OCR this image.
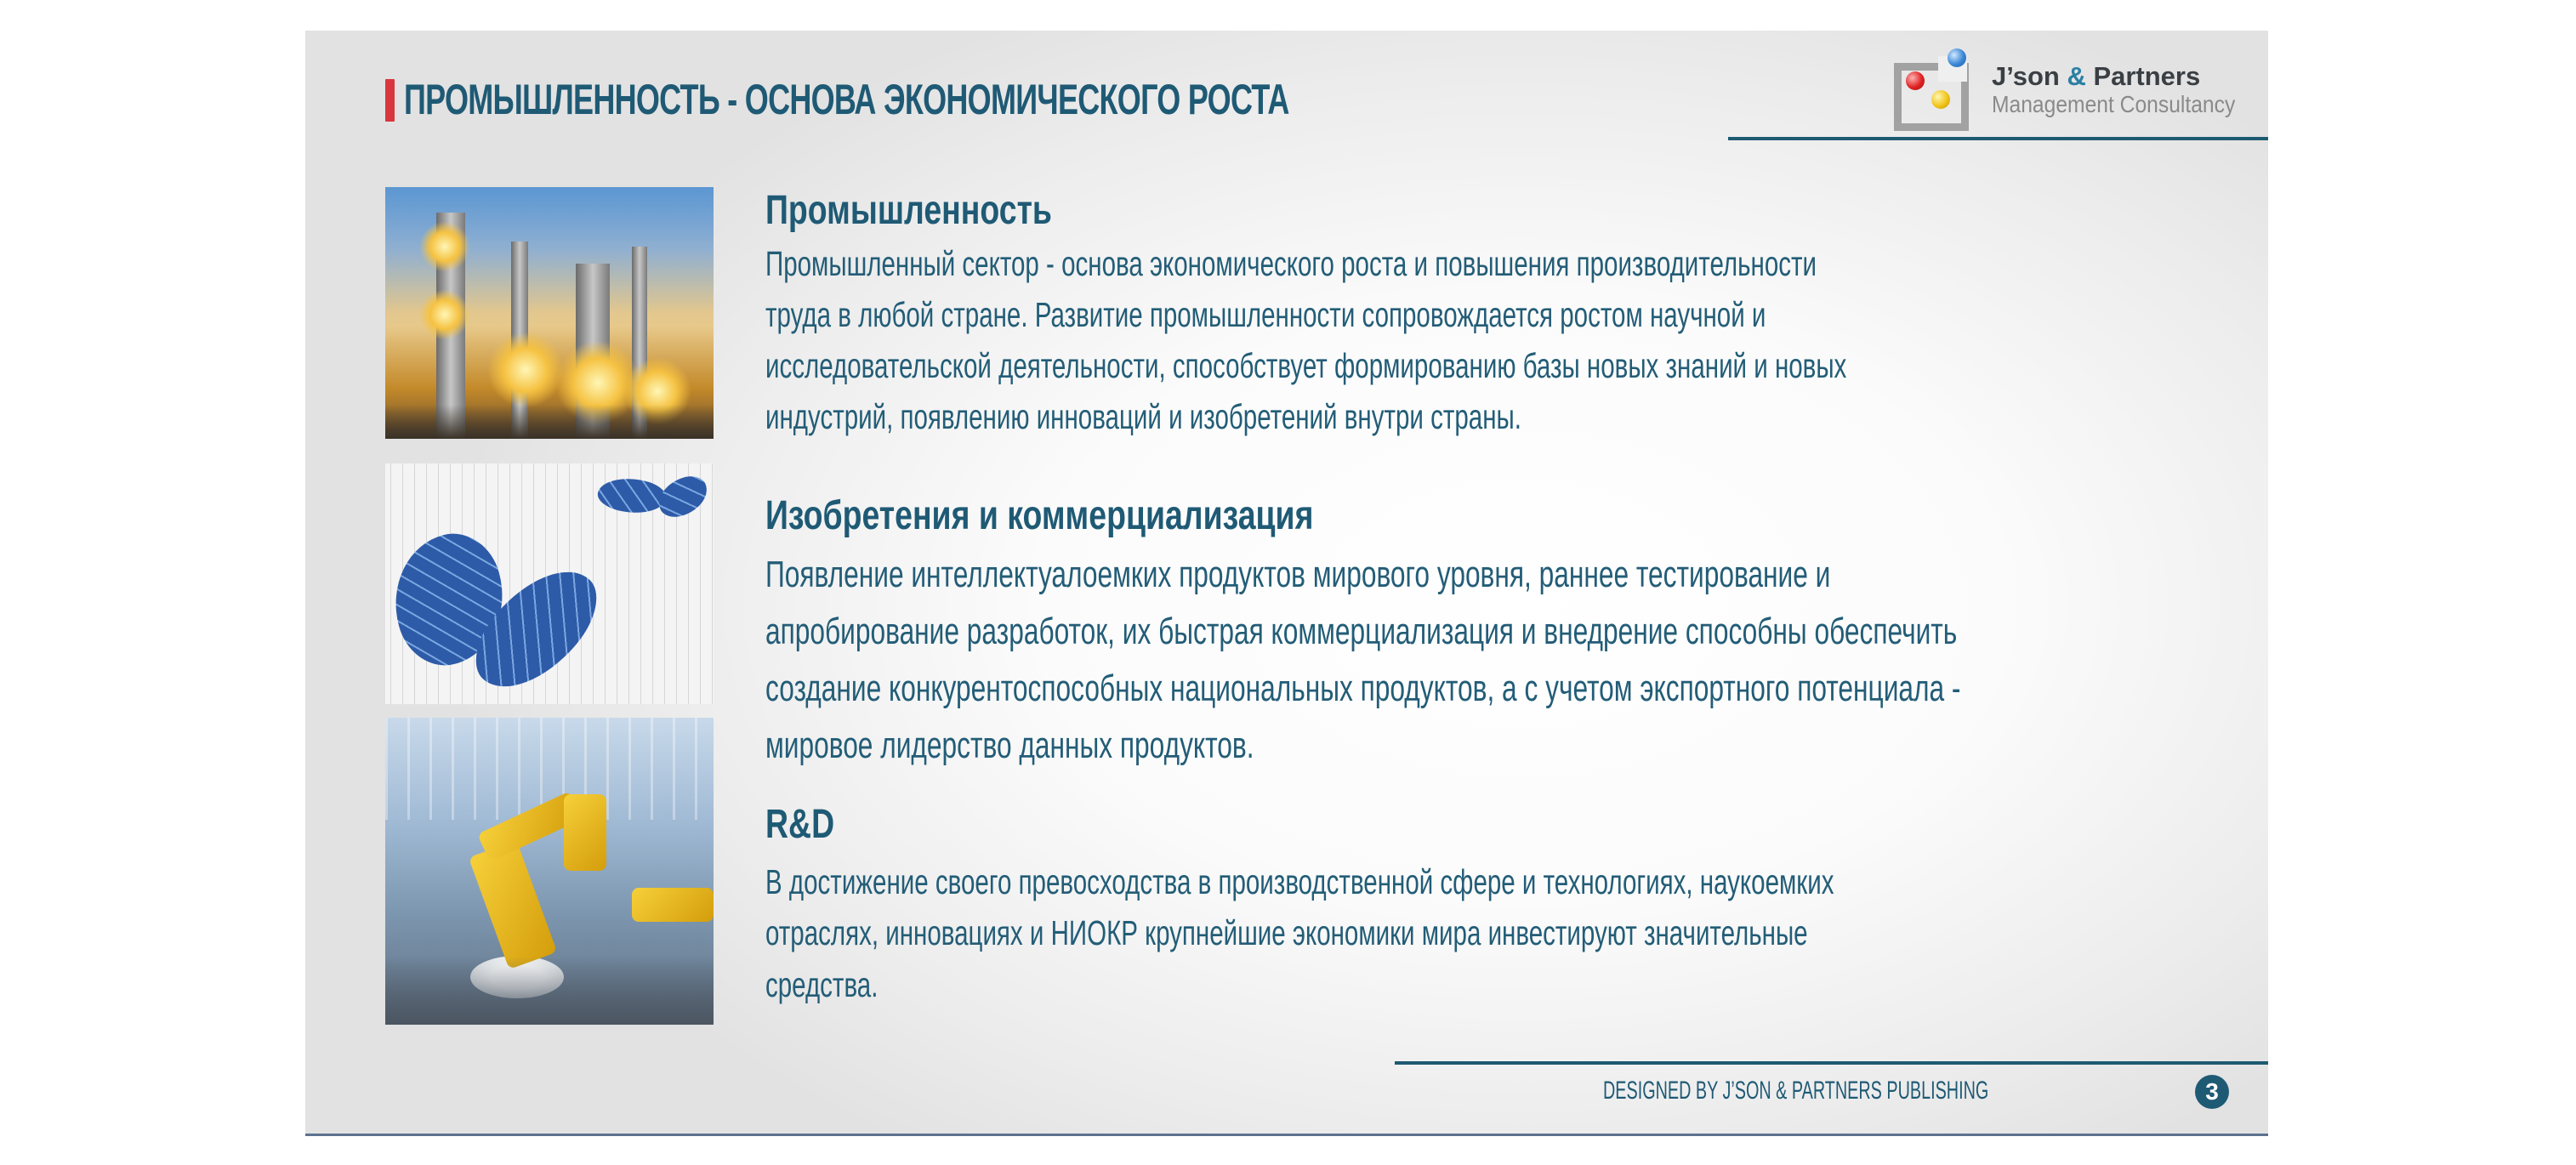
ПРОМЫШЛЕННОСТЬ - ОСНОВА ЭКОНОМИЧЕСКОГО РОСТА	J’son & Partners
Management Consultancy
Промышленность
Промышленный сектор - основа экономического роста и повышения производительности
труда в любой стране. Развитие промышленности сопровождается ростом научной и
исследовательской деятельности, способствует формированию базы новых знаний и новых
индустрий, появлению инноваций и изобретений внутри страны.
Изобретения и коммерциализация
Появление интеллектуалоемких продуктов мирового уровня, раннее тестирование и
апробирование разработок, их быстрая коммерциализация и внедрение способны обеспечить
создание конкурентоспособных национальных продуктов, а с учетом экспортного потенциала -
мировое лидерство данных продуктов.
R&D
В достижение своего превосходства в производственной сфере и технологиях, наукоемких
отраслях, инновациях и НИОКР крупнейшие экономики мира инвестируют значительные
средства.
DESIGNED BY J’SON & PARTNERS PUBLISHING	3
